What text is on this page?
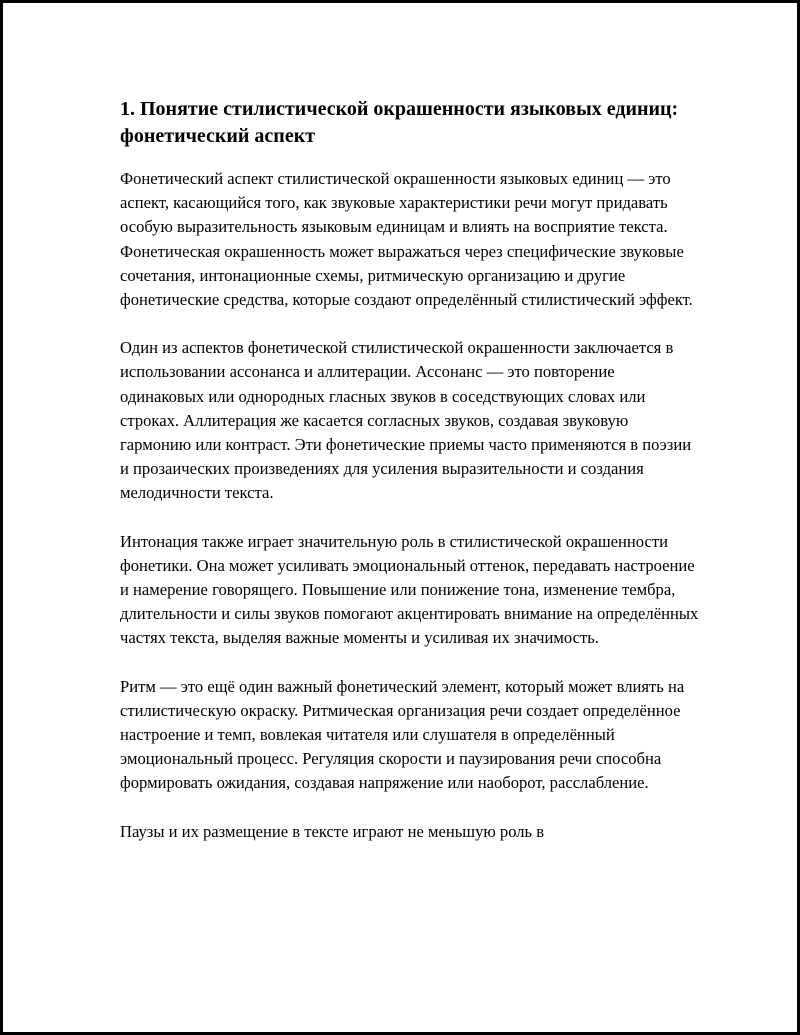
1. Понятие стилистической окрашенности языковых единиц: фонетический аспект

Фонетический аспект стилистической окрашенности языковых единиц — это аспект, касающийся того, как звуковые характеристики речи могут придавать особую выразительность языковым единицам и влиять на восприятие текста. Фонетическая окрашенность может выражаться через специфические звуковые сочетания, интонационные схемы, ритмическую организацию и другие фонетические средства, которые создают определённый стилистический эффект.

Один из аспектов фонетической стилистической окрашенности заключается в использовании ассонанса и аллитерации. Ассонанс — это повторение одинаковых или однородных гласных звуков в соседствующих словах или строках. Аллитерация же касается согласных звуков, создавая звуковую гармонию или контраст. Эти фонетические приемы часто применяются в поэзии и прозаических произведениях для усиления выразительности и создания мелодичности текста.

Интонация также играет значительную роль в стилистической окрашенности фонетики. Она может усиливать эмоциональный оттенок, передавать настроение и намерение говорящего. Повышение или понижение тона, изменение тембра, длительности и силы звуков помогают акцентировать внимание на определённых частях текста, выделяя важные моменты и усиливая их значимость.

Ритм — это ещё один важный фонетический элемент, который может влиять на стилистическую окраску. Ритмическая организация речи создает определённое настроение и темп, вовлекая читателя или слушателя в определённый эмоциональный процесс. Регуляция скорости и паузирования речи способна формировать ожидания, создавая напряжение или наоборот, расслабление.

Паузы и их размещение в тексте играют не меньшую роль в
